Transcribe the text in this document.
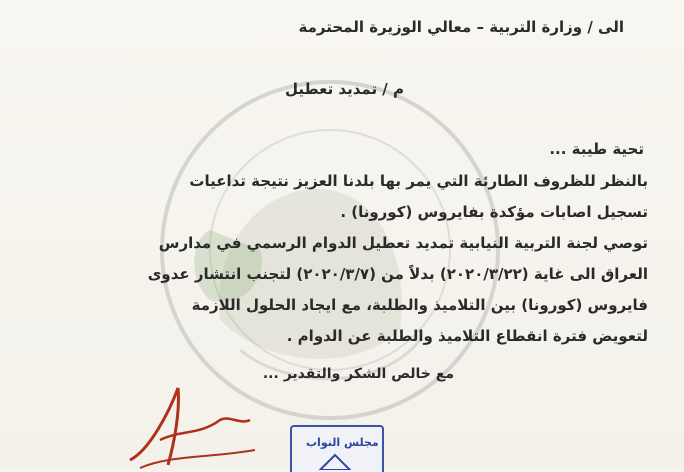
الى / وزارة التربية – معالي الوزيرة المحترمة
م / تمديد تعطيل
تحية طيبة ...
بالنظر للظروف الطارئة التي يمر بها بلدنا العزيز نتيجة تداعيات
تسجيل اصابات مؤكدة بفايروس (كورونا) .
توصي لجنة التربية النيابية تمديد تعطيل الدوام الرسمي في مدارس
العراق الى غاية (٢٠٢٠/٣/٢٢) بدلاً من (٢٠٢٠/٣/٧) لتجنب انتشار عدوى
فايروس (كورونا) بين التلاميذ والطلبة، مع ايجاد الحلول اللازمة
لتعويض فترة انقطاع التلاميذ والطلبة عن الدوام .
مع خالص الشكر والتقدير ...
مجلس النواب
